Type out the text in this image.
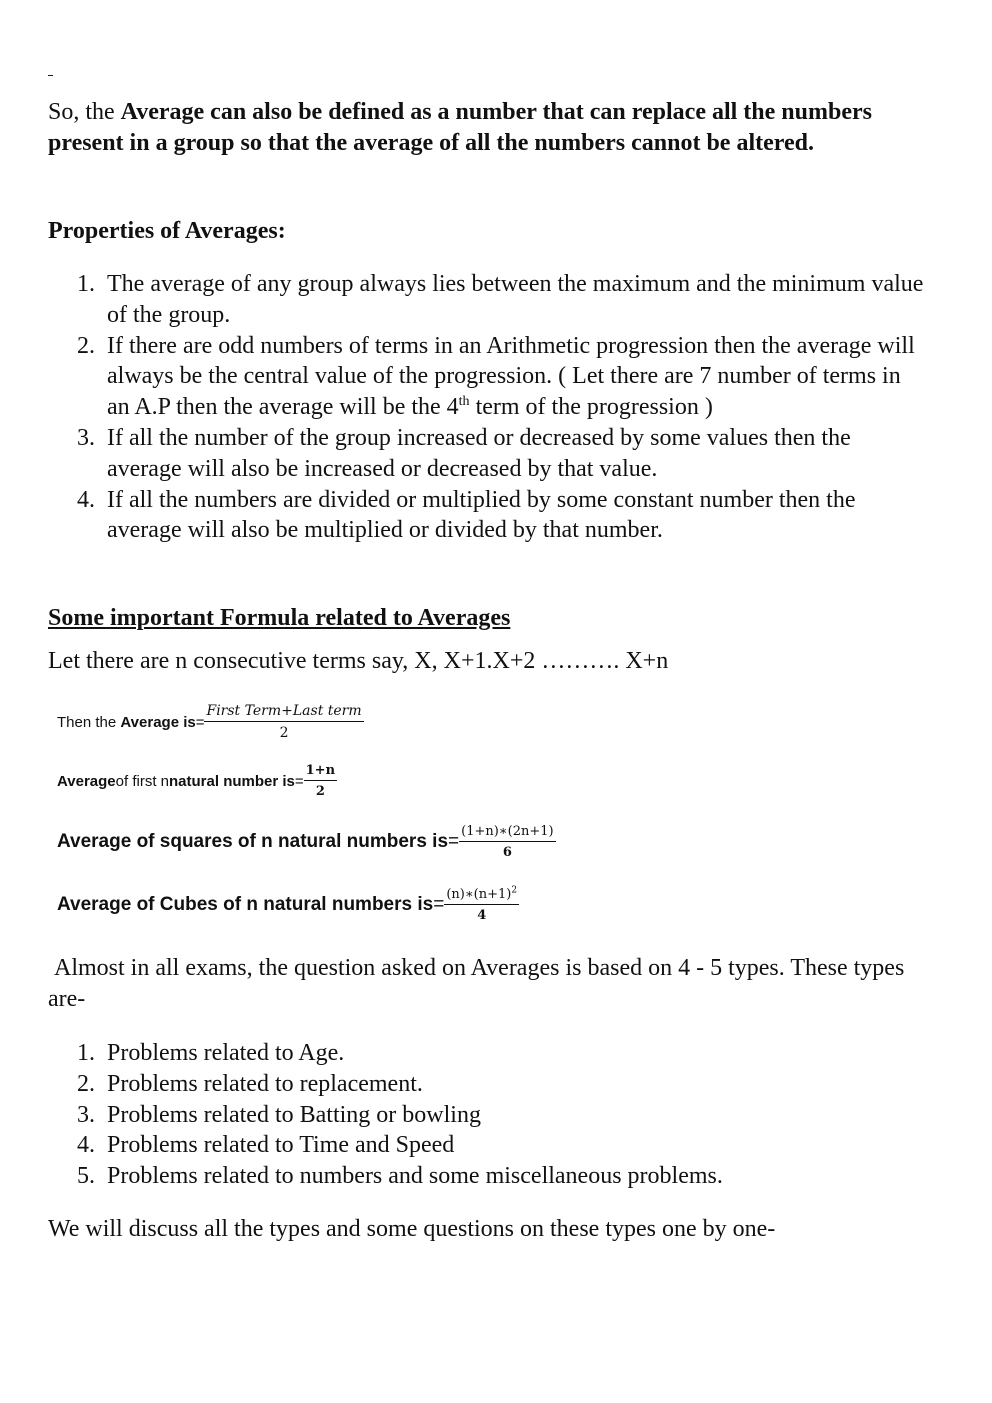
_
So, the Average can also be defined as a number that can replace all the numbers present in a group so that the average of all the numbers cannot be altered.
Properties of Averages:
1. The average of any group always lies between the maximum and the minimum value of the group.
2. If there are odd numbers of terms in an Arithmetic progression then the average will always be the central value of the progression. ( Let there are 7 number of terms in an A.P then the average will be the 4th term of the progression )
3. If all the number of the group increased or decreased by some values then the average will also be increased or decreased by that value.
4. If all the numbers are divided or multiplied by some constant number then the average will also be multiplied or divided by that number.
Some important Formula related to Averages
Let there are n consecutive terms say, X, X+1.X+2 ………. X+n
Then the
Average is = $\frac{\text{First Term+Last term}}{2}$
Average of first n natural number is = $\frac{1+n}{2}$
Average of squares of n natural numbers is = $\frac{(1+n)∗(2n+1)}{6}$
Average of Cubes of n natural numbers is = $\frac{(n)∗(n+1)^2}{4}$
Almost in all exams, the question asked on Averages is based on 4 - 5 types. These types are-
1. Problems related to Age.
2. Problems related to replacement.
3. Problems related to Batting or bowling
4. Problems related to Time and Speed
5. Problems related to numbers and some miscellaneous problems.
We will discuss all the types and some questions on these types one by one-
